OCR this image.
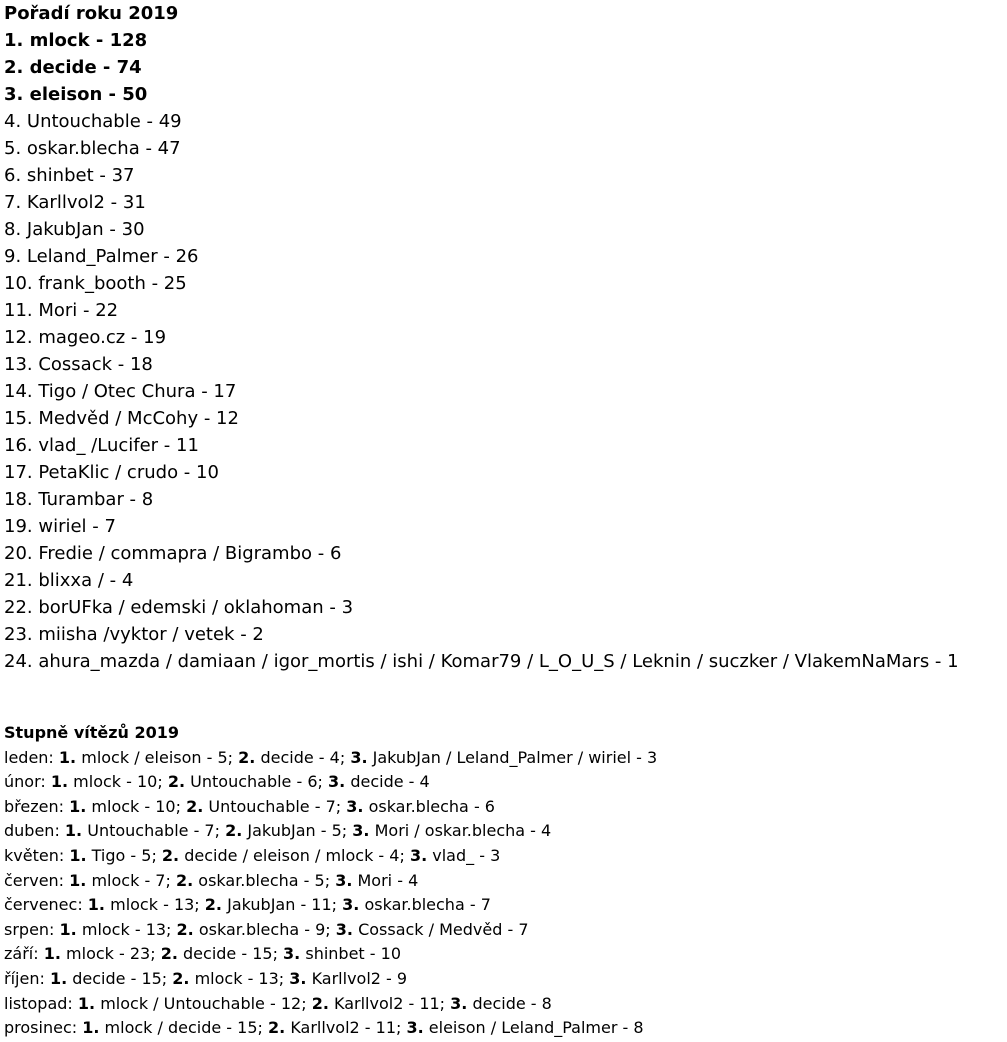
Pořadí roku 2019
1. mlock - 128
2. decide - 74
3. eleison - 50
4. Untouchable - 49
5. oskar.blecha - 47
6. shinbet - 37
7. Karllvol2 - 31
8. JakubJan - 30
9. Leland_Palmer - 26
10. frank_booth - 25
11. Mori - 22
12. mageo.cz - 19
13. Cossack - 18
14. Tigo / Otec Chura - 17
15. Medvěd / McCohy - 12
16. vlad_ /Lucifer - 11
17. PetaKlic / crudo - 10
18. Turambar - 8
19. wiriel - 7
20. Fredie / commapra / Bigrambo - 6
21. blixxa / - 4
22. borUFka / edemski / oklahoman - 3
23. miisha /vyktor / vetek - 2
24. ahura_mazda / damiaan / igor_mortis / ishi / Komar79 / L_O_U_S / Leknin / suczker / VlakemNaMars - 1
Stupně vítězů 2019
leden: 1. mlock / eleison - 5; 2. decide - 4; 3. JakubJan / Leland_Palmer / wiriel - 3
únor: 1. mlock - 10; 2. Untouchable - 6; 3. decide - 4
březen: 1. mlock - 10; 2. Untouchable - 7; 3. oskar.blecha - 6
duben: 1. Untouchable - 7; 2. JakubJan - 5; 3. Mori / oskar.blecha - 4
květen: 1. Tigo - 5; 2. decide / eleison / mlock - 4; 3. vlad_ - 3
červen: 1. mlock - 7; 2. oskar.blecha - 5; 3. Mori - 4
červenec: 1. mlock - 13; 2. JakubJan - 11; 3. oskar.blecha - 7
srpen: 1. mlock - 13; 2. oskar.blecha - 9; 3. Cossack / Medvěd - 7
září: 1. mlock - 23; 2. decide - 15; 3. shinbet - 10
říjen: 1. decide - 15; 2. mlock - 13; 3. Karllvol2 - 9
listopad: 1. mlock / Untouchable - 12; 2. Karllvol2 - 11; 3. decide - 8
prosinec: 1. mlock / decide - 15; 2. Karllvol2 - 11; 3. eleison / Leland_Palmer - 8
